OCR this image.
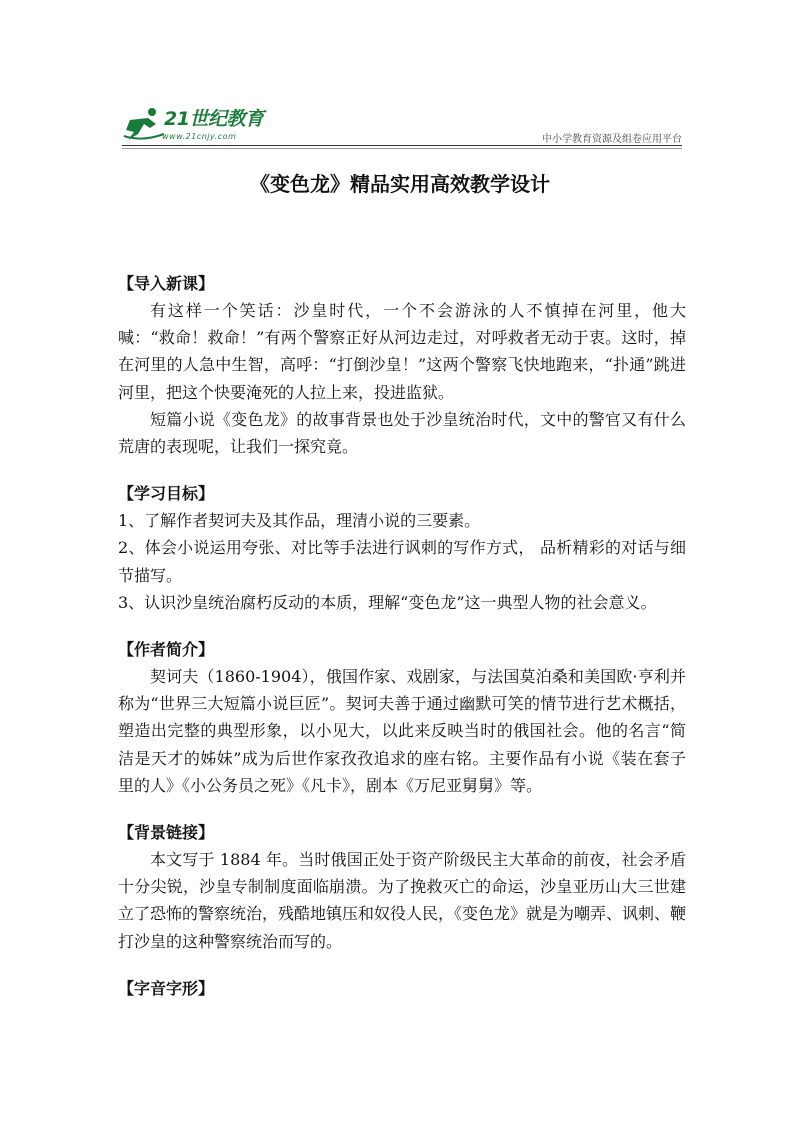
21世纪教育
www.21cnjy.com	中小学教育资源及组卷应用平台
《变色龙》精品实用高效教学设计
【导入新课】

有这样一个笑话：沙皇时代，一个不会游泳的人不慎掉在河里，他大喊：“救命！救命！”有两个警察正好从河边走过，对呼救者无动于衷。这时，掉在河里的人急中生智，高呼：“打倒沙皇！”这两个警察飞快地跑来，“扑通”跳进河里，把这个快要淹死的人拉上来，投进监狱。

短篇小说《变色龙》的故事背景也处于沙皇统治时代，文中的警官又有什么荒唐的表现呢，让我们一探究竟。

【学习目标】

1、了解作者契诃夫及其作品，理清小说的三要素。

2、体会小说运用夸张、对比等手法进行讽刺的写作方式， 品析精彩的对话与细节描写。

3、认识沙皇统治腐朽反动的本质，理解“变色龙”这一典型人物的社会意义。

【作者简介】

契诃夫（1860-1904），俄国作家、戏剧家，与法国莫泊桑和美国欧·亨利并称为“世界三大短篇小说巨匠”。契诃夫善于通过幽默可笑的情节进行艺术概括，塑造出完整的典型形象，以小见大，以此来反映当时的俄国社会。他的名言“简洁是天才的姊妹”成为后世作家孜孜追求的座右铭。主要作品有小说《装在套子里的人》《小公务员之死》《凡卡》，剧本《万尼亚舅舅》等。

【背景链接】

本文写于 1884 年。当时俄国正处于资产阶级民主大革命的前夜，社会矛盾十分尖锐，沙皇专制制度面临崩溃。为了挽救灭亡的命运，沙皇亚历山大三世建立了恐怖的警察统治，残酷地镇压和奴役人民，《变色龙》就是为嘲弄、讽刺、鞭打沙皇的这种警察统治而写的。

【字音字形】
